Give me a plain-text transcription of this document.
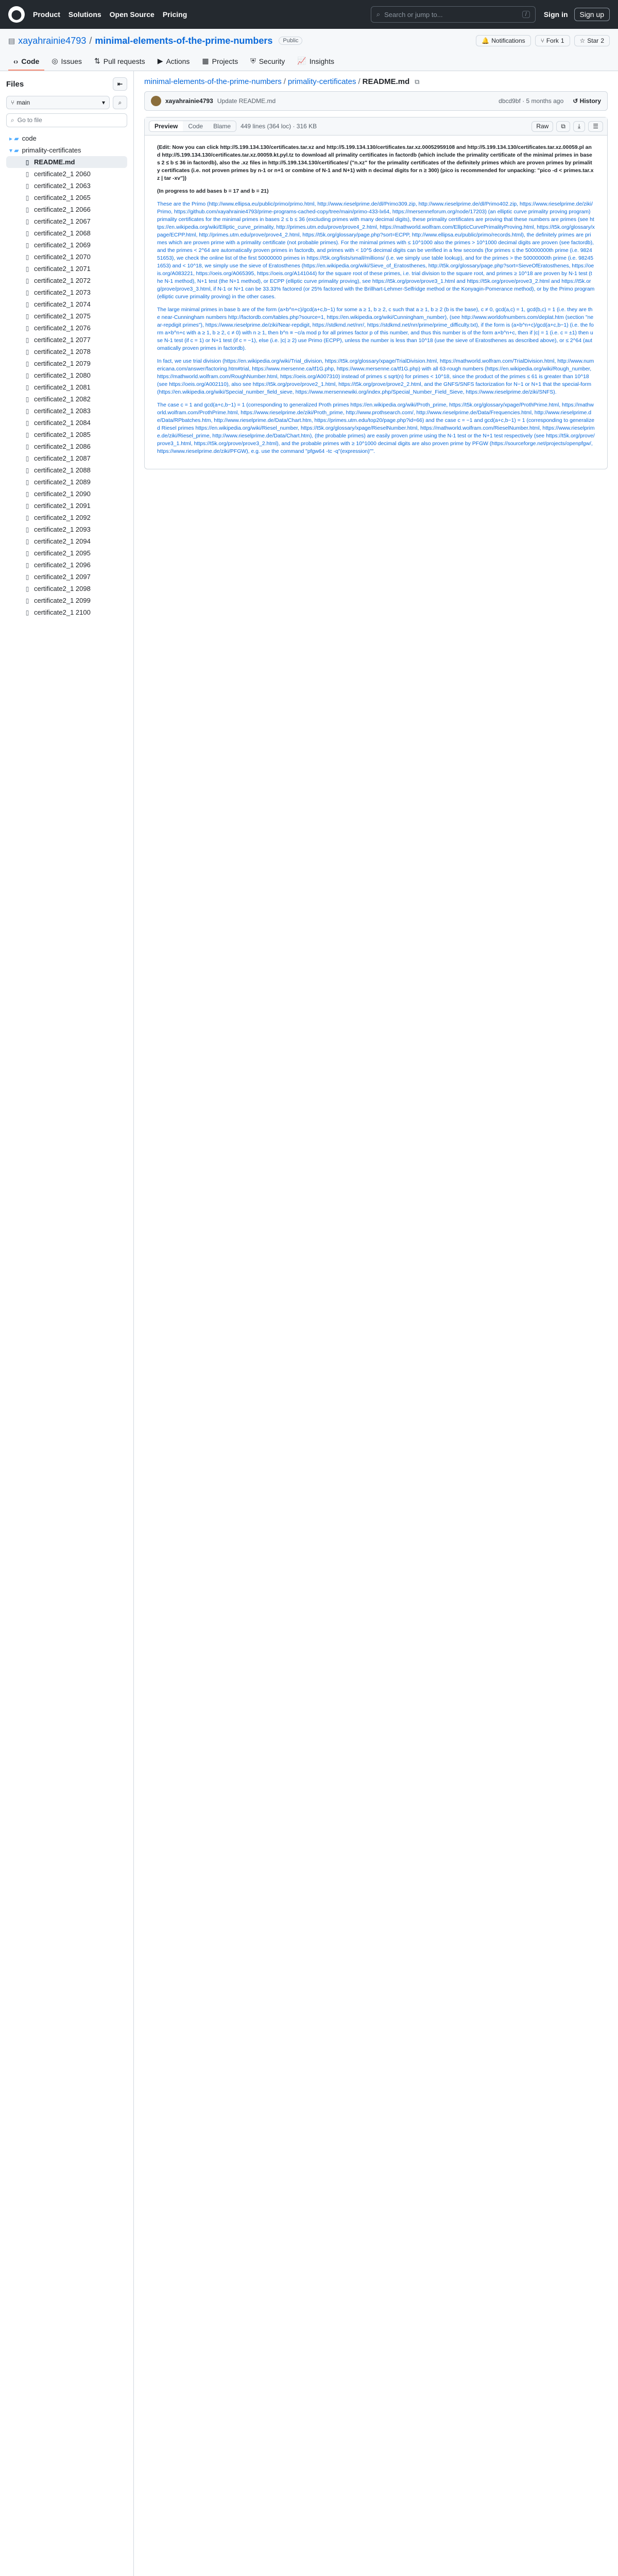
⬤	Product Solutions Open Source Pricing	⌕ Search or jump to...	/	Sign in	Sign up
▤ xayahrainie4793 / minimal-elements-of-the-prime-numbers	Public	🔔 Notifications	⑂ Fork 1	☆ Star 2
‹› Code ◎ Issues ⇅ Pull requests ▶ Actions ▦ Projects ⛨ Security 📈 Insights
Files	⇤
⑂ main	▾	⌕
⌕ Go to file
▸ ▰ code
▾ ▰ primality-certificates
▯ README.md
▯ certificate2_1 2060
▯ certificate2_1 2063
▯ certificate2_1 2065
▯ certificate2_1 2066
▯ certificate2_1 2067
▯ certificate2_1 2068
▯ certificate2_1 2069
▯ certificate2_1 2070
▯ certificate2_1 2071
▯ certificate2_1 2072
▯ certificate2_1 2073
▯ certificate2_1 2074
▯ certificate2_1 2075
▯ certificate2_1 2076
▯ certificate2_1 2077
▯ certificate2_1 2078
▯ certificate2_1 2079
▯ certificate2_1 2080
▯ certificate2_1 2081
▯ certificate2_1 2082
▯ certificate2_1 2083
▯ certificate2_1 2084
▯ certificate2_1 2085
▯ certificate2_1 2086
▯ certificate2_1 2087
▯ certificate2_1 2088
▯ certificate2_1 2089
▯ certificate2_1 2090
▯ certificate2_1 2091
▯ certificate2_1 2092
▯ certificate2_1 2093
▯ certificate2_1 2094
▯ certificate2_1 2095
▯ certificate2_1 2096
▯ certificate2_1 2097
▯ certificate2_1 2098
▯ certificate2_1 2099
▯ certificate2_1 2100
minimal-elements-of-the-prime-numbers / primality-certificates / README.md ⧉
xayahrainie4793 Update README.md	dbcd9bf · 5 months ago ↺ History
Preview	Code	Blame	449 lines (364 loc) · 316 KB	Raw	⧉	⤓	☰

(Edit: Now you can click http://5.199.134.130/certificates.tar.xz and http://5.199.134.130/certificates.tar.xz.00052959108 and http://5.199.134.130/certificates.tar.xz.00059.pl and http://5.199.134.130/certificates.tar.xz.00059.kt.pyl.tz to download all primality certificates in factordb (which include the primality certificate of the minimal primes in bases 2 ≤ b ≤ 36 in factordb), also the .xz files in http://5.199.134.130/certificates/ ("n.xz" for the primality certificates of the definitely primes which are proven primes by primality certificates (i.e. not proven primes by n-1 or n+1 or combine of N-1 and N+1) with n decimal digits for n ≥ 300) (pico is recommended for unpacking: "pico -d < primes.tar.xz | tar -xv"))

(In progress to add bases b = 17 and b = 21)

These are the Primo (http://www.ellipsa.eu/public/primo/primo.html, http://www.rieselprime.de/dl/Primo309.zip, http://www.rieselprime.de/dl/Primo402.zip, https://www.rieselprime.de/ziki/Primo, https://github.com/xayahrainie4793/prime-programs-cached-copy/tree/main/primo-433-lx64, https://mersenneforum.org/node/17203) (an elliptic curve primality proving program) primality certificates for the minimal primes in bases 2 ≤ b ≤ 36 (excluding primes with many decimal digits), these primality certificates are proving that these numbers are primes (see https://en.wikipedia.org/wiki/Elliptic_curve_primality, http://primes.utm.edu/prove/prove4_2.html, https://mathworld.wolfram.com/EllipticCurvePrimalityProving.html, https://t5k.org/glossary/xpage/ECPP.html, http://primes.utm.edu/prove/prove4_2.html, https://t5k.org/glossary/page.php?sort=ECPP, http://www.ellipsa.eu/public/primo/records.html), the definitely primes are primes which are proven prime with a primality certificate (not probable primes). For the minimal primes with ≤ 10^1000 also the primes > 10^1000 decimal digits are proven (see factordb), and the primes < 2^64 are automatically proven primes in factordb, and primes with < 10^5 decimal digits can be verified in a few seconds (for primes ≤ the 50000000th prime (i.e. 982451653), we check the online list of the first 50000000 primes in https://t5k.org/lists/small/millions/ (i.e. we simply use table lookup), and for the primes > the 50000000th prime (i.e. 982451653) and < 10^18, we simply use the sieve of Eratosthenes (https://en.wikipedia.org/wiki/Sieve_of_Eratosthenes, http://t5k.org/glossary/page.php?sort=SieveOfEratosthenes, https://oeis.org/A083221, https://oeis.org/A065395, https://oeis.org/A141044) for the square root of these primes, i.e. trial division to the square root, and primes ≥ 10^18 are proven by N-1 test (the N-1 method), N+1 test (the N+1 method), or ECPP (elliptic curve primality proving), see https://t5k.org/prove/prove3_1.html and https://t5k.org/prove/prove3_2.html and https://t5k.org/prove/prove3_3.html, if N-1 or N+1 can be 33.33% factored (or 25% factored with the Brillhart-Lehmer-Selfridge method or the Konyagin-Pomerance method), or by the Primo program (elliptic curve primality proving) in the other cases.

The large minimal primes in base b are of the form (a×b^n+c)/gcd(a+c,b−1) for some a ≥ 1, b ≥ 2, c such that a ≥ 1, b ≥ 2 (b is the base), c ≠ 0, gcd(a,c) = 1, gcd(b,c) = 1 (i.e. they are the near-Cunningham numbers http://factordb.com/tables.php?source=1, https://en.wikipedia.org/wiki/Cunningham_number), (see http://www.worldofnumbers.com/deplat.htm (section "near-repdigit primes"), https://www.rieselprime.de/ziki/Near-repdigit, https://stdkmd.net/nrr/, https://stdkmd.net/nrr/prime/prime_difficulty.txt), if the form is (a×b^n+c)/gcd(a+c,b−1) (i.e. the form a×b^n+c with a ≥ 1, b ≥ 2, c ≠ 0) with n ≥ 1, then b^n ≡ −c/a mod p for all primes factor p of this number, and thus this number is of the form a×b^n+c, then if |c| = 1 (i.e. c = ±1) then use N-1 test (if c = 1) or N+1 test (if c = −1), else (i.e. |c| ≥ 2) use Primo (ECPP), unless the number is less than 10^18 (use the sieve of Eratosthenes as described above), or ≤ 2^64 (automatically proven primes in factordb).

In fact, we use trial division (https://en.wikipedia.org/wiki/Trial_division, https://t5k.org/glossary/xpage/TrialDivision.html, https://mathworld.wolfram.com/TrialDivision.html, http://www.numericana.com/answer/factoring.htm#trial, https://www.mersenne.ca/tf1G.php, https://www.mersenne.ca/tf1G.php) with all 63-rough numbers (https://en.wikipedia.org/wiki/Rough_number, https://mathworld.wolfram.com/RoughNumber.html, https://oeis.org/A007310) instead of primes ≤ sqrt(n) for primes < 10^18, since the product of the primes ≤ 61 is greater than 10^18 (see https://oeis.org/A002110), also see https://t5k.org/prove/prove2_1.html, https://t5k.org/prove/prove2_2.html, and the GNFS/SNFS factorization for N−1 or N+1 that the special-form (https://en.wikipedia.org/wiki/Special_number_field_sieve, https://www.mersennewiki.org/index.php/Special_Number_Field_Sieve, https://www.rieselprime.de/ziki/SNFS).

The case c = 1 and gcd(a+c,b−1) = 1 (corresponding to generalized Proth primes https://en.wikipedia.org/wiki/Proth_prime, https://t5k.org/glossary/xpage/ProthPrime.html, https://mathworld.wolfram.com/ProthPrime.html, https://www.rieselprime.de/ziki/Proth_prime, http://www.prothsearch.com/, http://www.rieselprime.de/Data/Frequencies.html, http://www.rieselprime.de/Data/RPbatches.htm, http://www.rieselprime.de/Data/Chart.htm, https://primes.utm.edu/top20/page.php?id=66) and the case c = −1 and gcd(a+c,b−1) = 1 (corresponding to generalized Riesel primes https://en.wikipedia.org/wiki/Riesel_number, https://t5k.org/glossary/xpage/RieselNumber.html, https://mathworld.wolfram.com/RieselNumber.html, https://www.rieselprime.de/ziki/Riesel_prime, http://www.rieselprime.de/Data/Chart.htm), (the probable primes) are easily proven prime using the N-1 test or the N+1 test respectively (see https://t5k.org/prove/prove3_1.html, https://t5k.org/prove/prove3_2.html), and the probable primes with ≥ 10^1000 decimal digits are also proven prime by PFGW (https://sourceforge.net/projects/openpfgw/, https://www.rieselprime.de/ziki/PFGW), e.g. use the command "pfgw64 -tc -q"(expression)"".
